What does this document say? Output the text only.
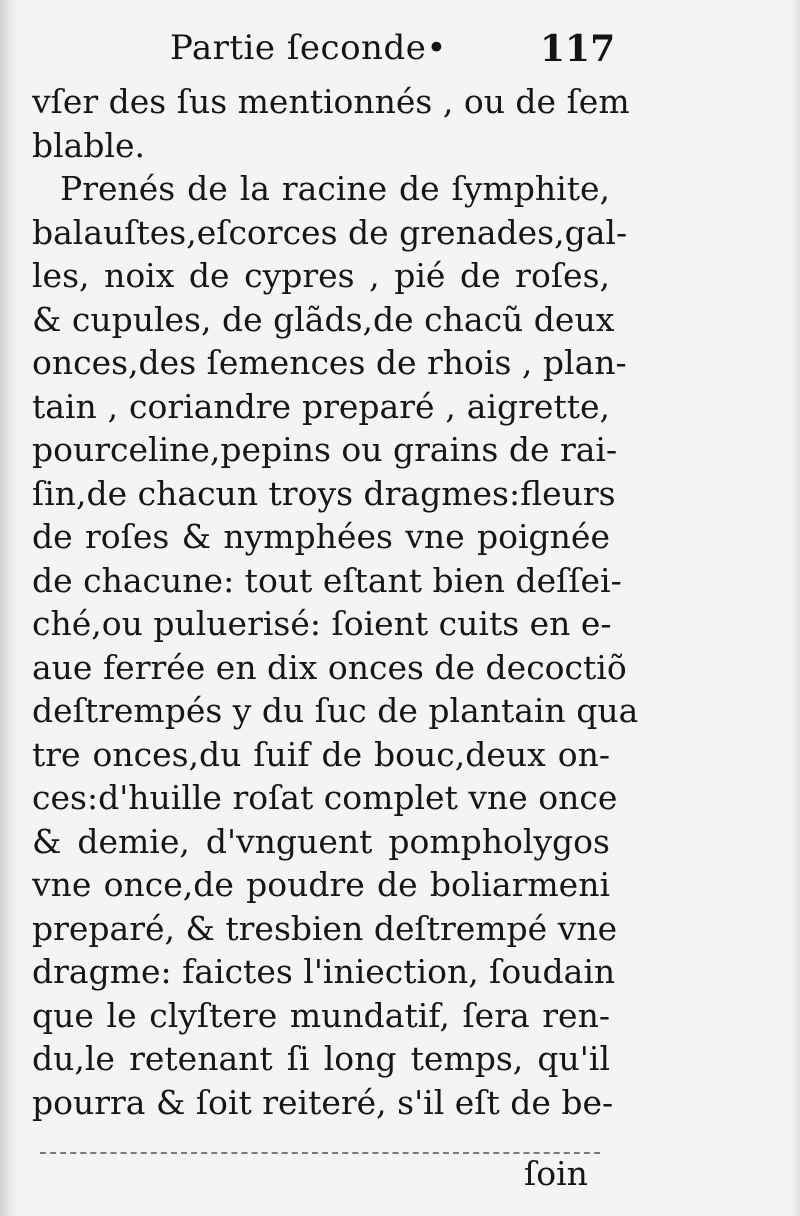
Partie ſeconde•	117
vſer des ſus mentionnés , ou de ſem
blable.
Prenés de la racine de ſymphite,
balauſtes,eſcorces de grenades,gal-
les, noix de cypres , pié de roſes,
& cupules, de glãds,de chacũ deux
onces,des ſemences de rhois , plan-
tain , coriandre preparé , aigrette,
pourceline,pepins ou grains de rai-
ſin,de chacun troys dragmes:fleurs
de roſes & nymphées vne poignée
de chacune: tout eſtant bien deſſei-
ché,ou puluerisé: ſoient cuits en e-
aue ferrée en dix onces de decoctiõ
deſtrempés y du ſuc de plantain qua
tre onces,du ſuif de bouc,deux on-
ces:d'huille roſat complet vne once
& demie, d'vnguent pompholygos
vne once,de poudre de boliarmeni
preparé, & tresbien deſtrempé vne
dragme: faictes l'iniection, ſoudain
que le clyſtere mundatif, ſera ren-
du,le retenant ſi long temps, qu'il
pourra & ſoit reiteré, s'il eſt de be-
ſoin
